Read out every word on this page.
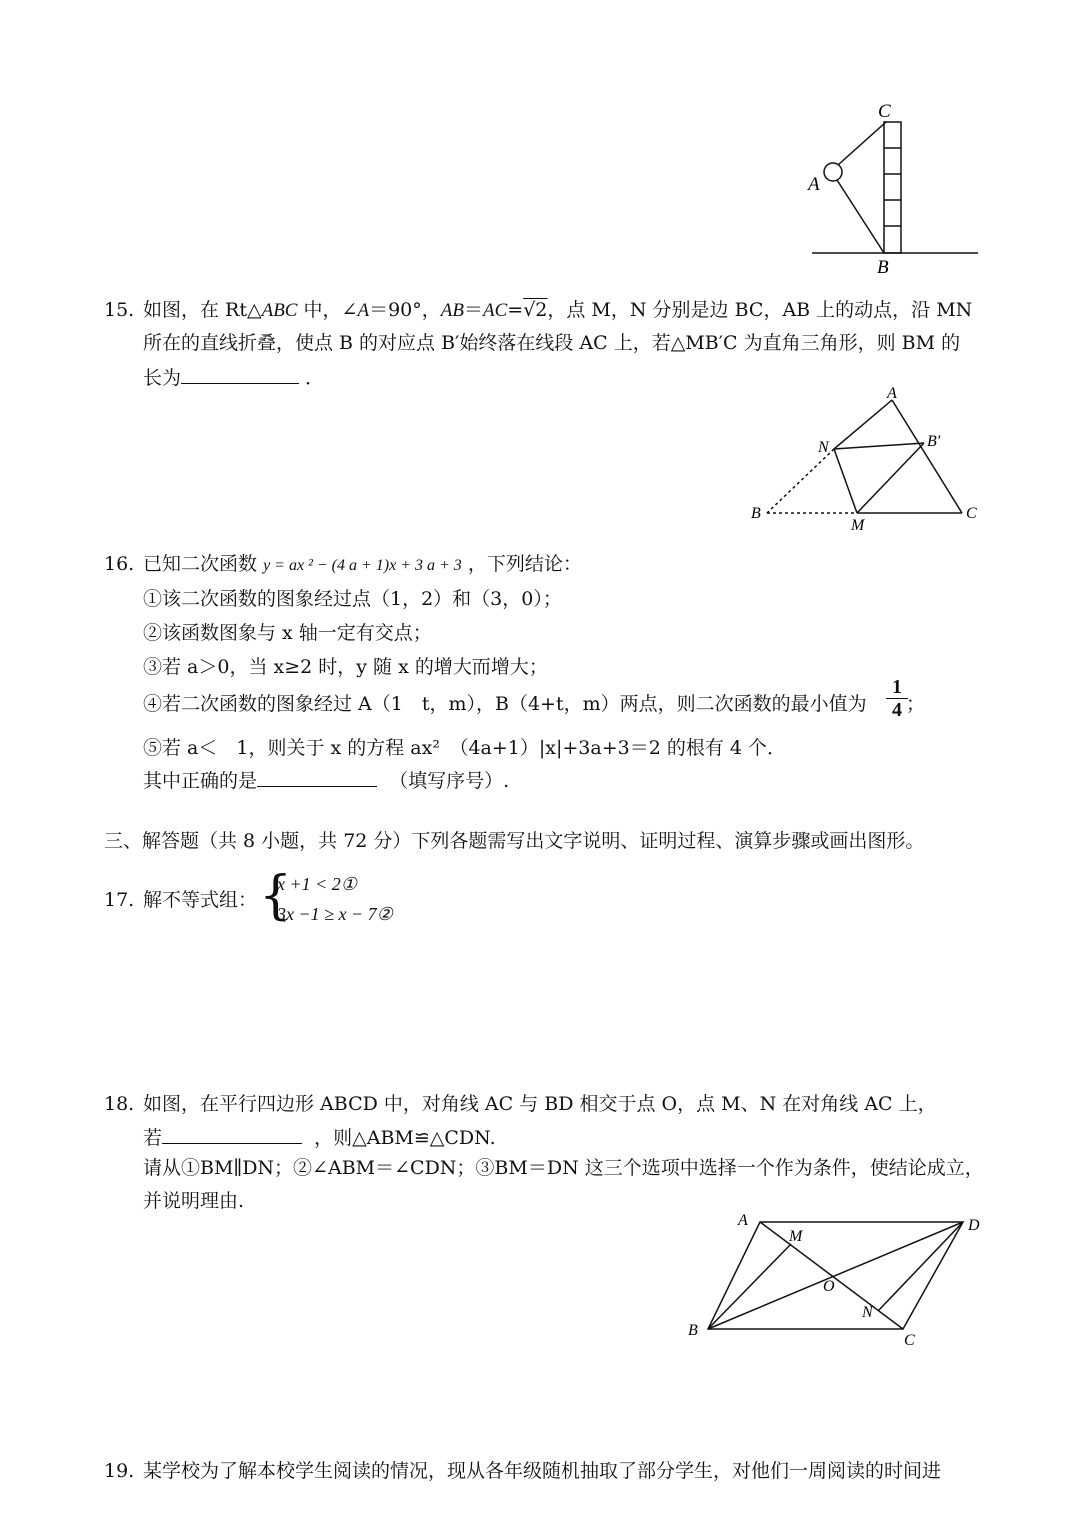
C
A
B
15. 如图，在 Rt△ABC 中，∠A＝90°，AB＝AC=√2，点 M，N 分别是边 BC，AB 上的动点，沿 MN
所在的直线折叠，使点 B 的对应点 B′始终落在线段 AC 上，若△MB′C 为直角三角形，则 BM 的
长为	．
A
N	B′
B
M
C
16. 已知二次函数 y = ax ² − (4 a + 1)x + 3 a + 3 ，下列结论：
①该二次函数的图象经过点（1，2）和（3，0）；
②该函数图象与 x 轴一定有交点；
③若 a＞0，当 x≥2 时，y 随 x 的增大而增大；
④若二次函数的图象经过 A（1　t，m），B（4+t，m）两点，则二次函数的最小值为 $\frac{1}{4}$
；
⑤若 a＜　1，则关于 x 的方程 ax²　（4a+1）|x|+3a+3＝2 的根有 4 个．
其中正确的是	（填写序号）.
三、解答题（共 8 小题，共 72 分）下列各题需写出文字说明、证明过程、演算步骤或画出图形。
17. 解不等式组： {
x +1 < 2①
3x −1 ≥ x − 7②
18. 如图，在平行四边形 ABCD 中，对角线 AC 与 BD 相交于点 O，点 M、N 在对角线 AC 上，
若	，则△ABM≌△CDN.
请从①BM∥DN；②∠ABM＝∠CDN；③BM＝DN 这三个选项中选择一个作为条件，使结论成立，
并说明理由.
A
M
D
O
N
B
C
19. 某学校为了解本校学生阅读的情况，现从各年级随机抽取了部分学生，对他们一周阅读的时间进
